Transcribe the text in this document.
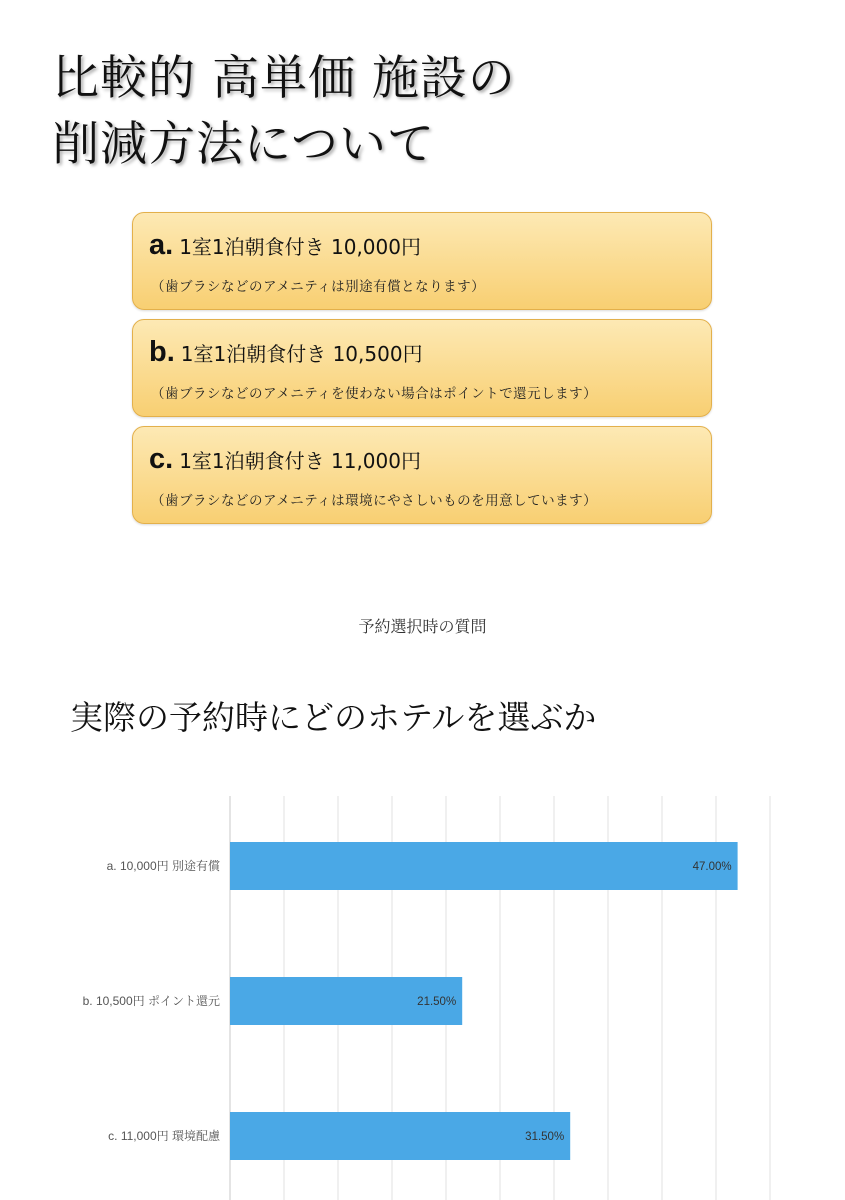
比較的 高単価 施設の
削減方法について
a. 1室1泊朝食付き 10,000円
（歯ブラシなどのアメニティは別途有償となります）
b. 1室1泊朝食付き 10,500円
（歯ブラシなどのアメニティを使わない場合はポイントで還元します）
c. 1室1泊朝食付き 11,000円
（歯ブラシなどのアメニティは環境にやさしいものを用意しています）
予約選択時の質問
実際の予約時にどのホテルを選ぶか
a. 10,000円 別途有償	47.00%
b. 10,500円 ポイント還元	21.50%
c. 11,000円 環境配慮	31.50%
